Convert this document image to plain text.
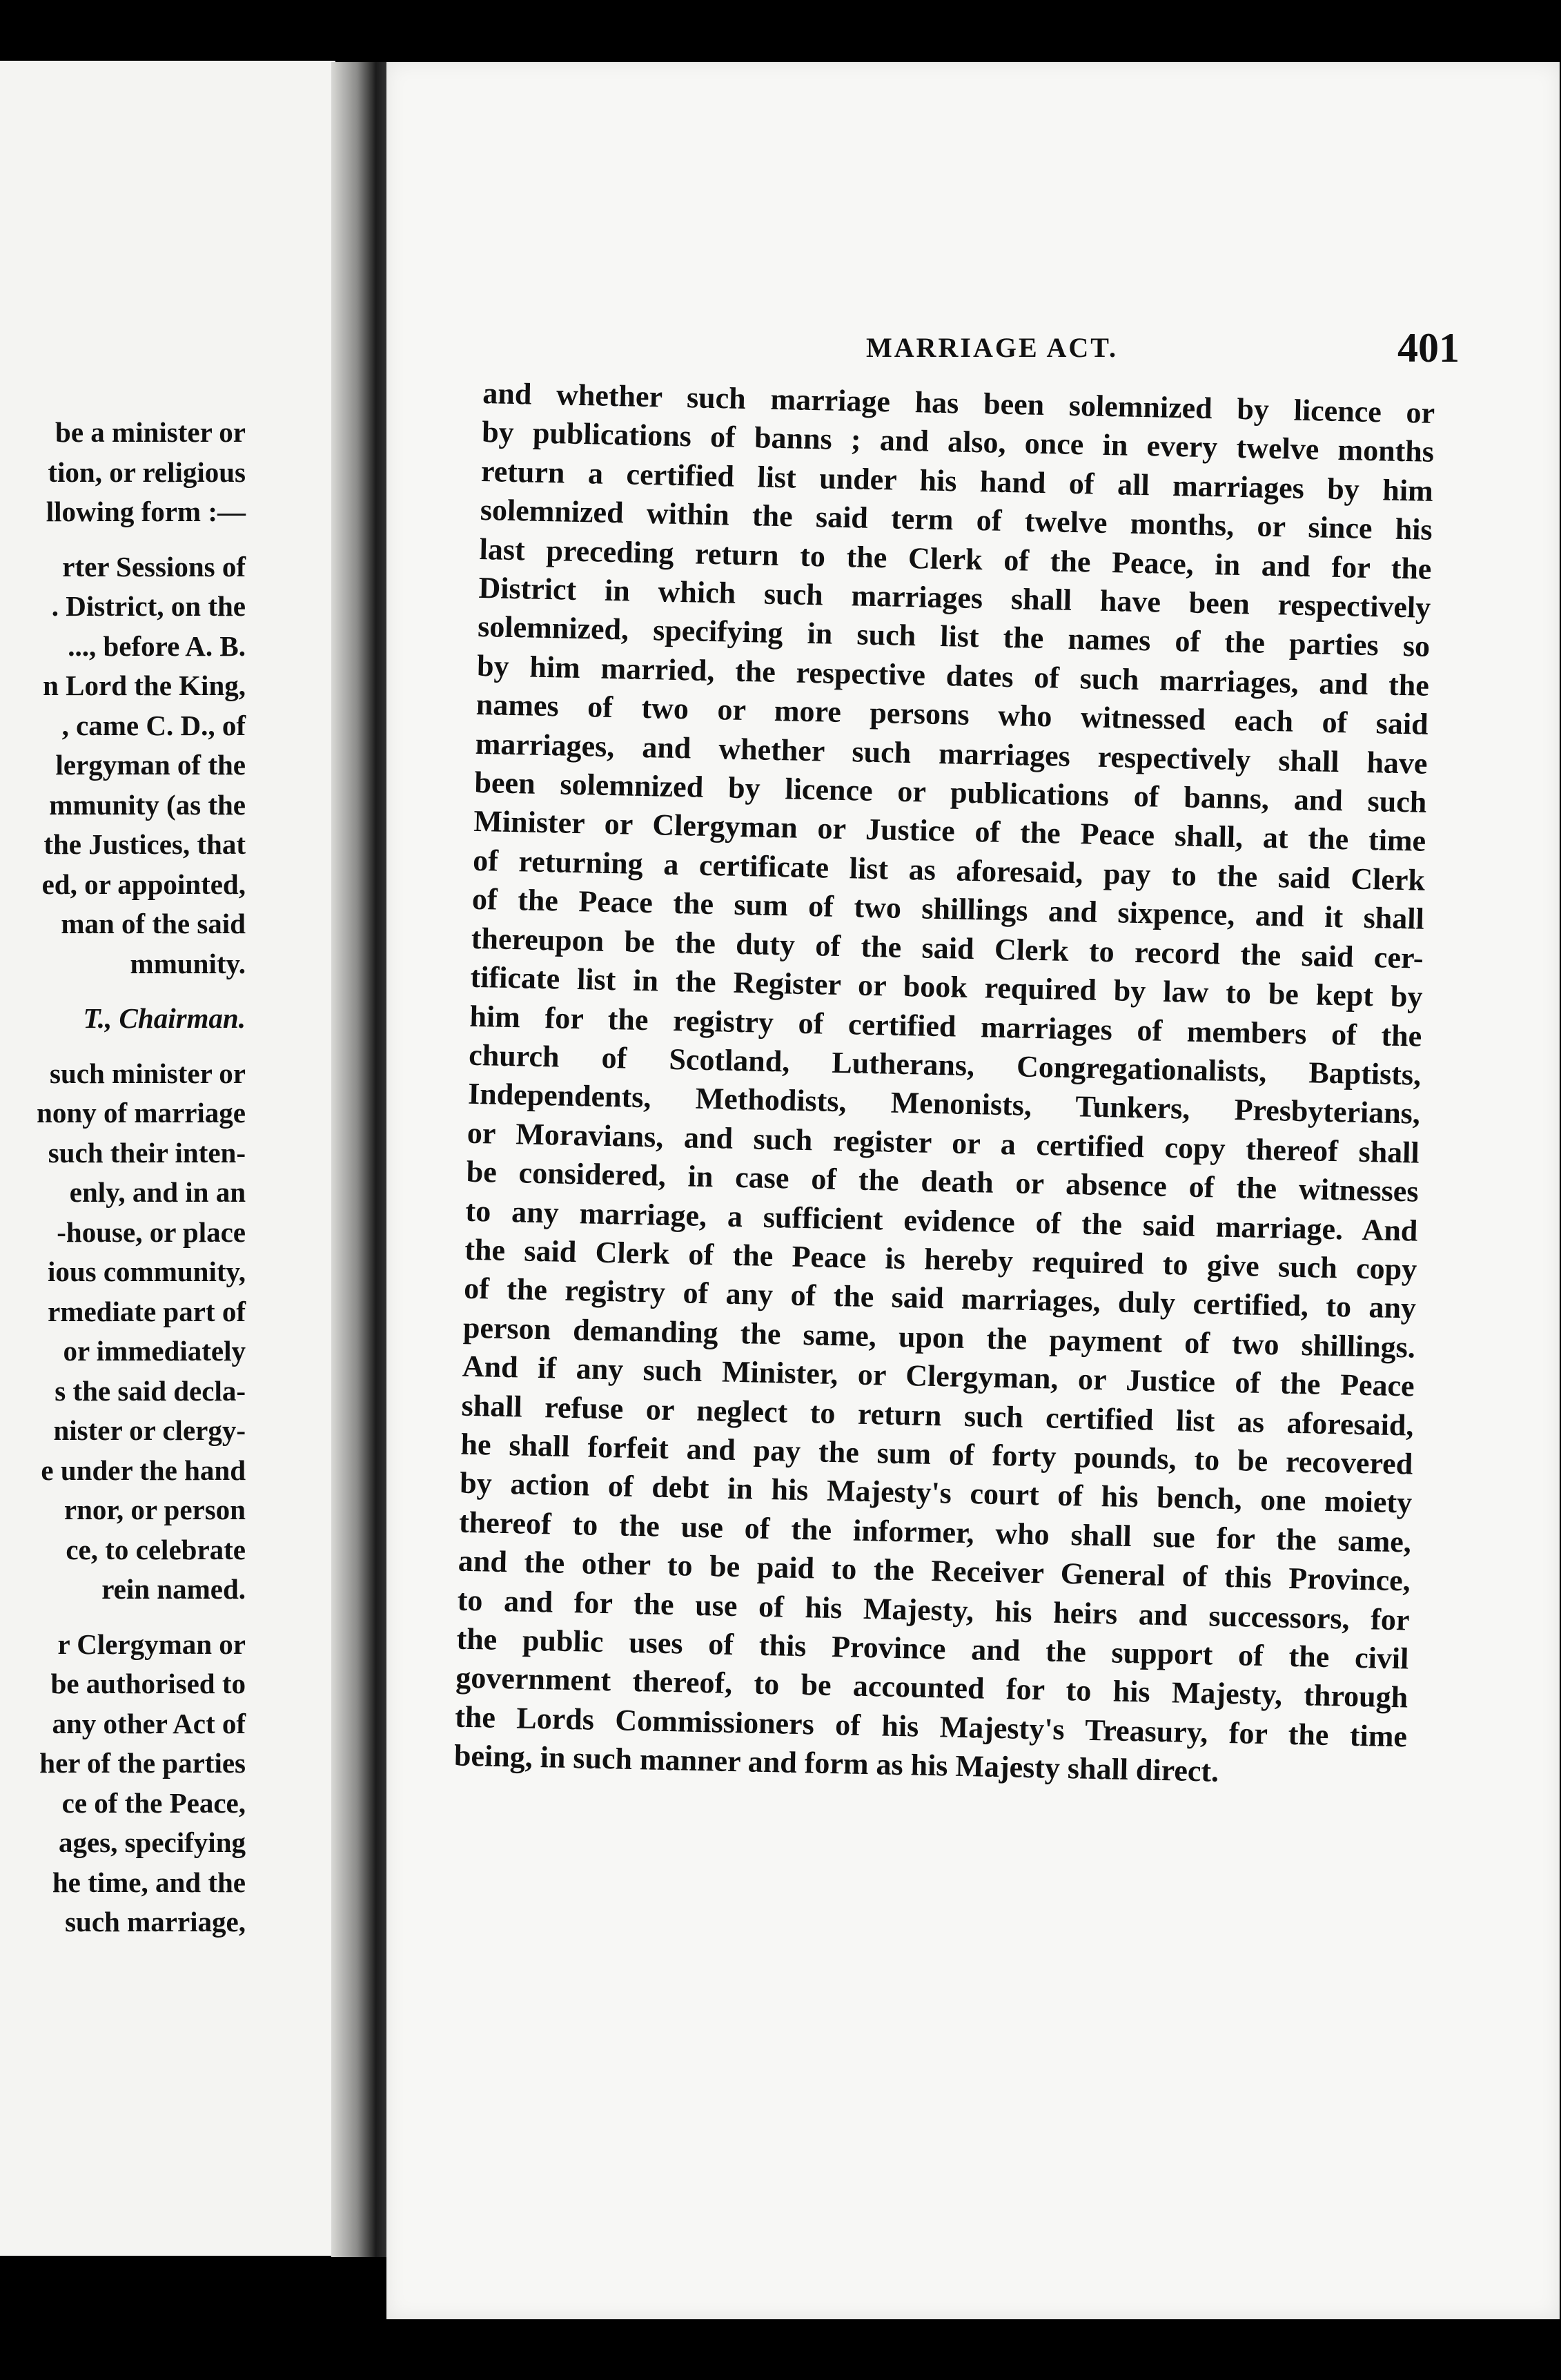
be a minister or
tion, or religious
llowing form :—
rter Sessions of
. District, on the
..., before A. B.
n Lord the King,
, came C. D., of
lergyman of the
mmunity (as the
the Justices, that
ed, or appointed,
man of the said
mmunity.
T., Chairman.
such minister or
nony of marriage
such their inten-
enly, and in an
-house, or place
ious community,
rmediate part of
or immediately
s the said decla-
nister or clergy-
e under the hand
rnor, or person
ce, to celebrate
rein named.
r Clergyman or
be authorised to
any other Act of
her of the parties
ce of the Peace,
ages, specifying
he time, and the
such marriage,
MARRIAGE ACT.	401
and whether such marriage has been solemnized by licence or
by publications of banns ; and also, once in every twelve months
return a certified list under his hand of all marriages by him
solemnized within the said term of twelve months, or since his
last preceding return to the Clerk of the Peace, in and for the
District in which such marriages shall have been respectively
solemnized, specifying in such list the names of the parties so
by him married, the respective dates of such marriages, and the
names of two or more persons who witnessed each of said
marriages, and whether such marriages respectively shall have
been solemnized by licence or publications of banns, and such
Minister or Clergyman or Justice of the Peace shall, at the time
of returning a certificate list as aforesaid, pay to the said Clerk
of the Peace the sum of two shillings and sixpence, and it shall
thereupon be the duty of the said Clerk to record the said cer-
tificate list in the Register or book required by law to be kept by
him for the registry of certified marriages of members of the
church of Scotland, Lutherans, Congregationalists, Baptists,
Independents, Methodists, Menonists, Tunkers, Presbyterians,
or Moravians, and such register or a certified copy thereof shall
be considered, in case of the death or absence of the witnesses
to any marriage, a sufficient evidence of the said marriage. And
the said Clerk of the Peace is hereby required to give such copy
of the registry of any of the said marriages, duly certified, to any
person demanding the same, upon the payment of two shillings.
And if any such Minister, or Clergyman, or Justice of the Peace
shall refuse or neglect to return such certified list as aforesaid,
he shall forfeit and pay the sum of forty pounds, to be recovered
by action of debt in his Majesty's court of his bench, one moiety
thereof to the use of the informer, who shall sue for the same,
and the other to be paid to the Receiver General of this Province,
to and for the use of his Majesty, his heirs and successors, for
the public uses of this Province and the support of the civil
government thereof, to be accounted for to his Majesty, through
the Lords Commissioners of his Majesty's Treasury, for the time
being, in such manner and form as his Majesty shall direct.
